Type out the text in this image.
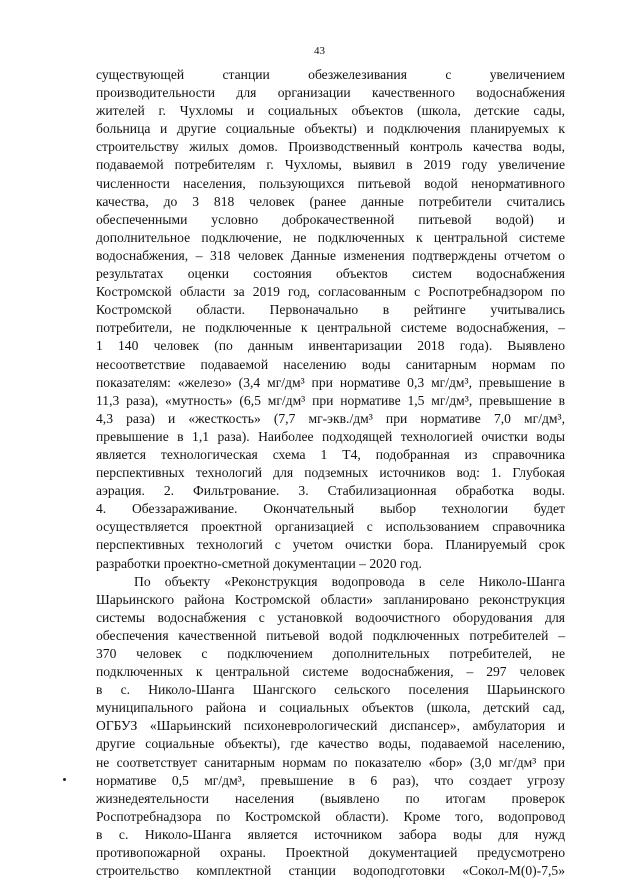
43
существующей станции обезжелезивания с увеличением
производительности для организации качественного водоснабжения
жителей г. Чухломы и социальных объектов (школа, детские сады,
больница и другие социальные объекты) и подключения планируемых к
строительству жилых домов. Производственный контроль качества воды,
подаваемой потребителям г. Чухломы, выявил в 2019 году увеличение
численности населения, пользующихся питьевой водой ненормативного
качества, до 3 818 человек (ранее данные потребители считались
обеспеченными условно доброкачественной питьевой водой) и
дополнительное подключение, не подключенных к центральной системе
водоснабжения, – 318 человек Данные изменения подтверждены отчетом о
результатах оценки состояния объектов систем водоснабжения
Костромской области за 2019 год, согласованным с Роспотребнадзором по
Костромской области. Первоначально в рейтинге учитывались
потребители, не подключенные к центральной системе водоснабжения, –
1 140 человек (по данным инвентаризации 2018 года). Выявлено
несоответствие подаваемой населению воды санитарным нормам по
показателям: «железо» (3,4 мг/дм³ при нормативе 0,3 мг/дм³, превышение в
11,3 раза), «мутность» (6,5 мг/дм³ при нормативе 1,5 мг/дм³, превышение в
4,3 раза) и «жесткость» (7,7 мг-экв./дм³ при нормативе 7,0 мг/дм³,
превышение в 1,1 раза). Наиболее подходящей технологией очистки воды
является технологическая схема 1 Т4, подобранная из справочника
перспективных технологий для подземных источников вод: 1. Глубокая
аэрация. 2. Фильтрование. 3. Стабилизационная обработка воды.
4. Обеззараживание. Окончательный выбор технологии будет
осуществляется проектной организацией с использованием справочника
перспективных технологий с учетом очистки бора. Планируемый срок
разработки проектно-сметной документации – 2020 год.
По объекту «Реконструкция водопровода в селе Николо-Шанга
Шарьинского района Костромской области» запланировано реконструкция
системы водоснабжения с установкой водоочистного оборудования для
обеспечения качественной питьевой водой подключенных потребителей –
370 человек с подключением дополнительных потребителей, не
подключенных к центральной системе водоснабжения, – 297 человек
в с. Николо-Шанга Шангского сельского поселения Шарьинского
муниципального района и социальных объектов (школа, детский сад,
ОГБУЗ «Шарьинский психоневрологический диспансер», амбулатория и
другие социальные объекты), где качество воды, подаваемой населению,
не соответствует санитарным нормам по показателю «бор» (3,0 мг/дм³ при
нормативе 0,5 мг/дм³, превышение в 6 раз), что создает угрозу
жизнедеятельности населения (выявлено по итогам проверок
Роспотребнадзора по Костромской области). Кроме того, водопровод
в с. Николо-Шанга является источником забора воды для нужд
противопожарной охраны. Проектной документацией предусмотрено
строительство комплектной станции водоподготовки «Сокол-М(0)-7,5»
